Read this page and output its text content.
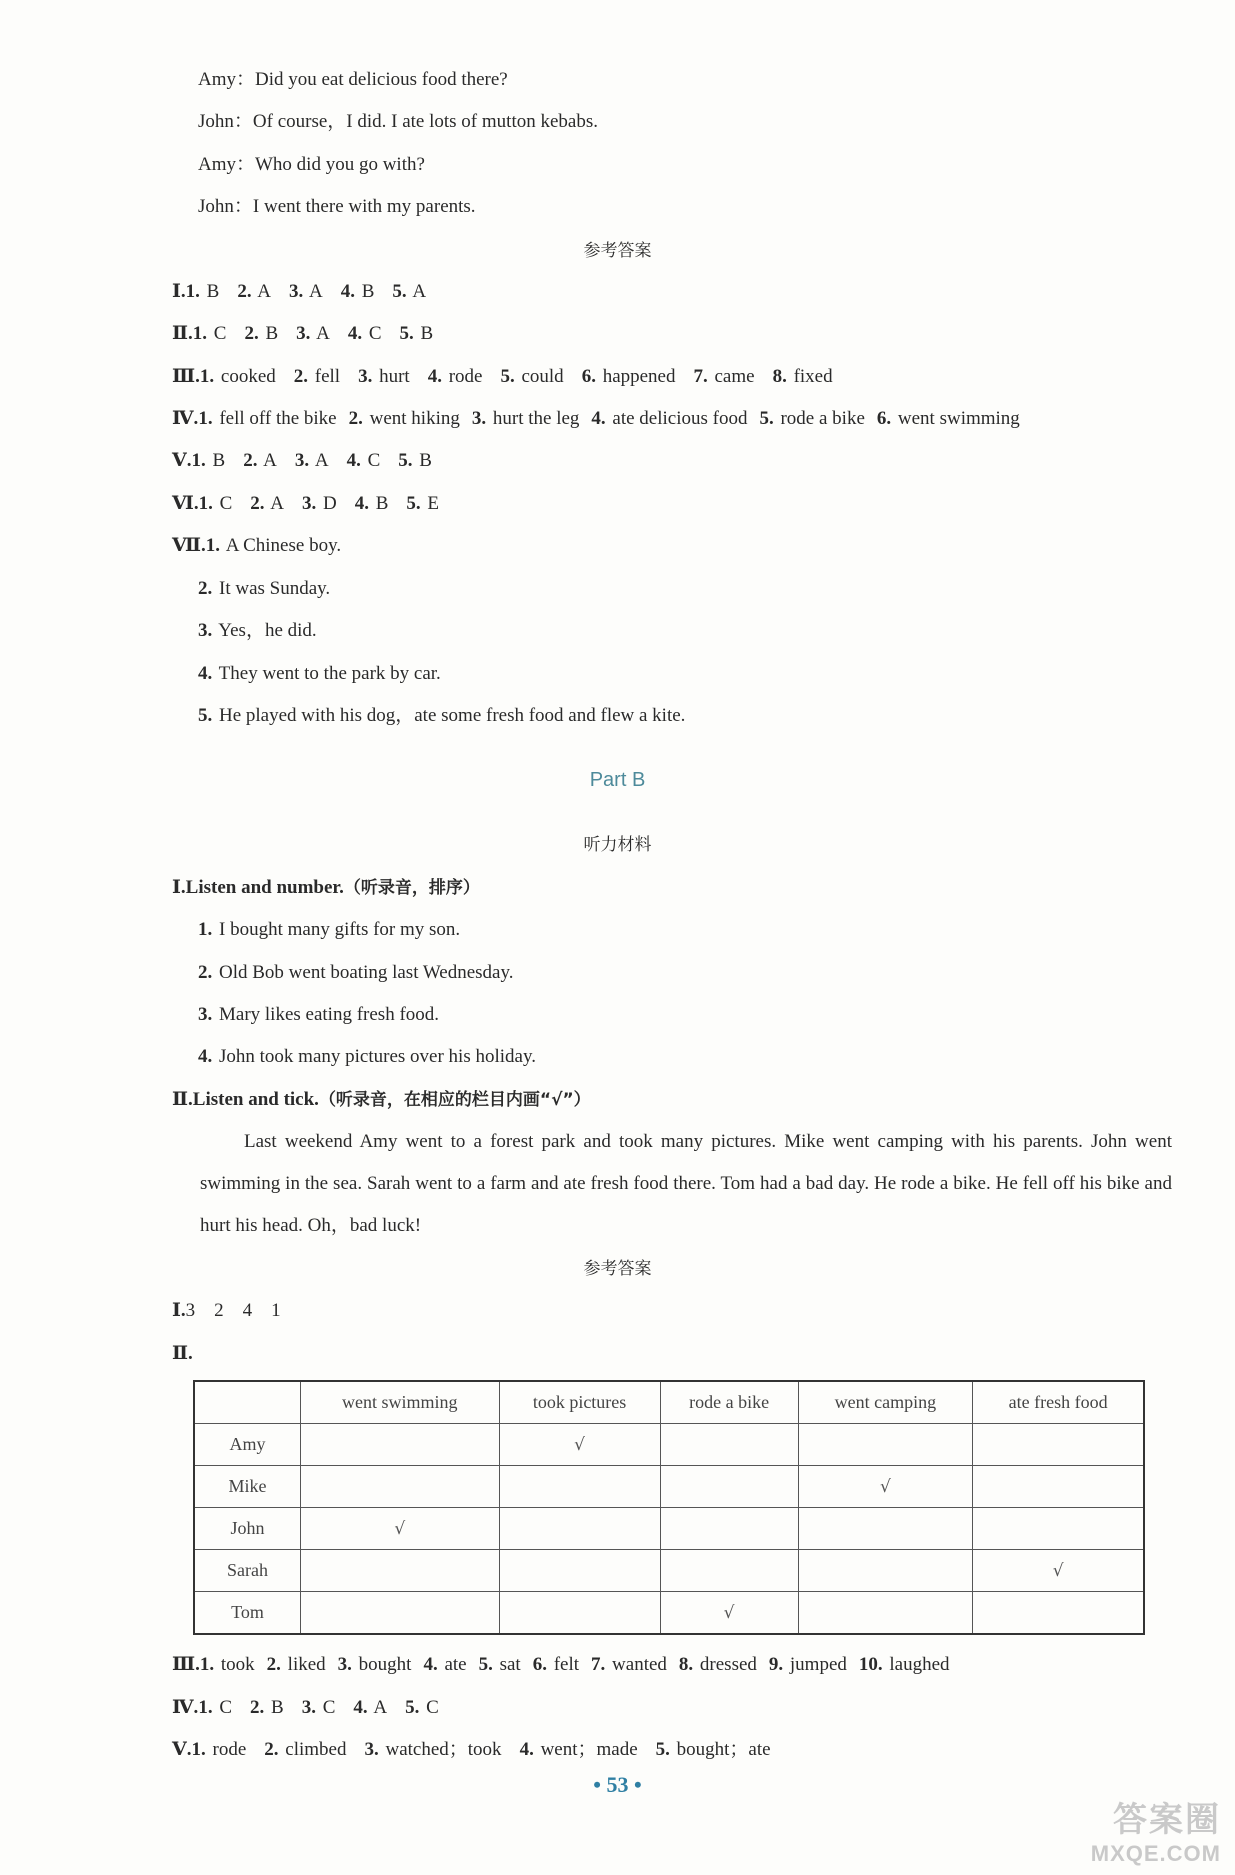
Amy：Did you eat delicious food there?
John：Of course，I did. I ate lots of mutton kebabs.
Amy：Who did you go with?
John：I went there with my parents.
参考答案
Ⅰ.1. B 2. A 3. A 4. B 5. A
Ⅱ.1. C 2. B 3. A 4. C 5. B
Ⅲ.1. cooked 2. fell 3. hurt 4. rode 5. could 6. happened 7. came 8. fixed
Ⅳ.1. fell off the bike 2. went hiking 3. hurt the leg 4. ate delicious food 5. rode a bike 6. went swimming
Ⅴ.1. B 2. A 3. A 4. C 5. B
Ⅵ.1. C 2. A 3. D 4. B 5. E
Ⅶ.1. A Chinese boy.
2. It was Sunday.
3. Yes，he did.
4. They went to the park by car.
5. He played with his dog，ate some fresh food and flew a kite.
Part B
听力材料
Ⅰ.Listen and number.（听录音，排序）
1. I bought many gifts for my son.
2. Old Bob went boating last Wednesday.
3. Mary likes eating fresh food.
4. John took many pictures over his holiday.
Ⅱ.Listen and tick.（听录音，在相应的栏目内画“√”）
Last weekend Amy went to a forest park and took many pictures. Mike went camping with his parents. John went swimming in the sea. Sarah went to a farm and ate fresh food there. Tom had a bad day. He rode a bike. He fell off his bike and hurt his head. Oh，bad luck!
参考答案
Ⅰ.3　2　4　1
Ⅱ.
	went swimming	took pictures	rode a bike	went camping	ate fresh food
Amy		√			
Mike				√	
John	√				
Sarah					√
Tom			√		
Ⅲ.1. took 2. liked 3. bought 4. ate 5. sat 6. felt 7. wanted 8. dressed 9. jumped 10. laughed
Ⅳ.1. C 2. B 3. C 4. A 5. C
Ⅴ.1. rode 2. climbed 3. watched；took 4. went；made 5. bought；ate
• 53 •
答案圈
MXQE.COM
